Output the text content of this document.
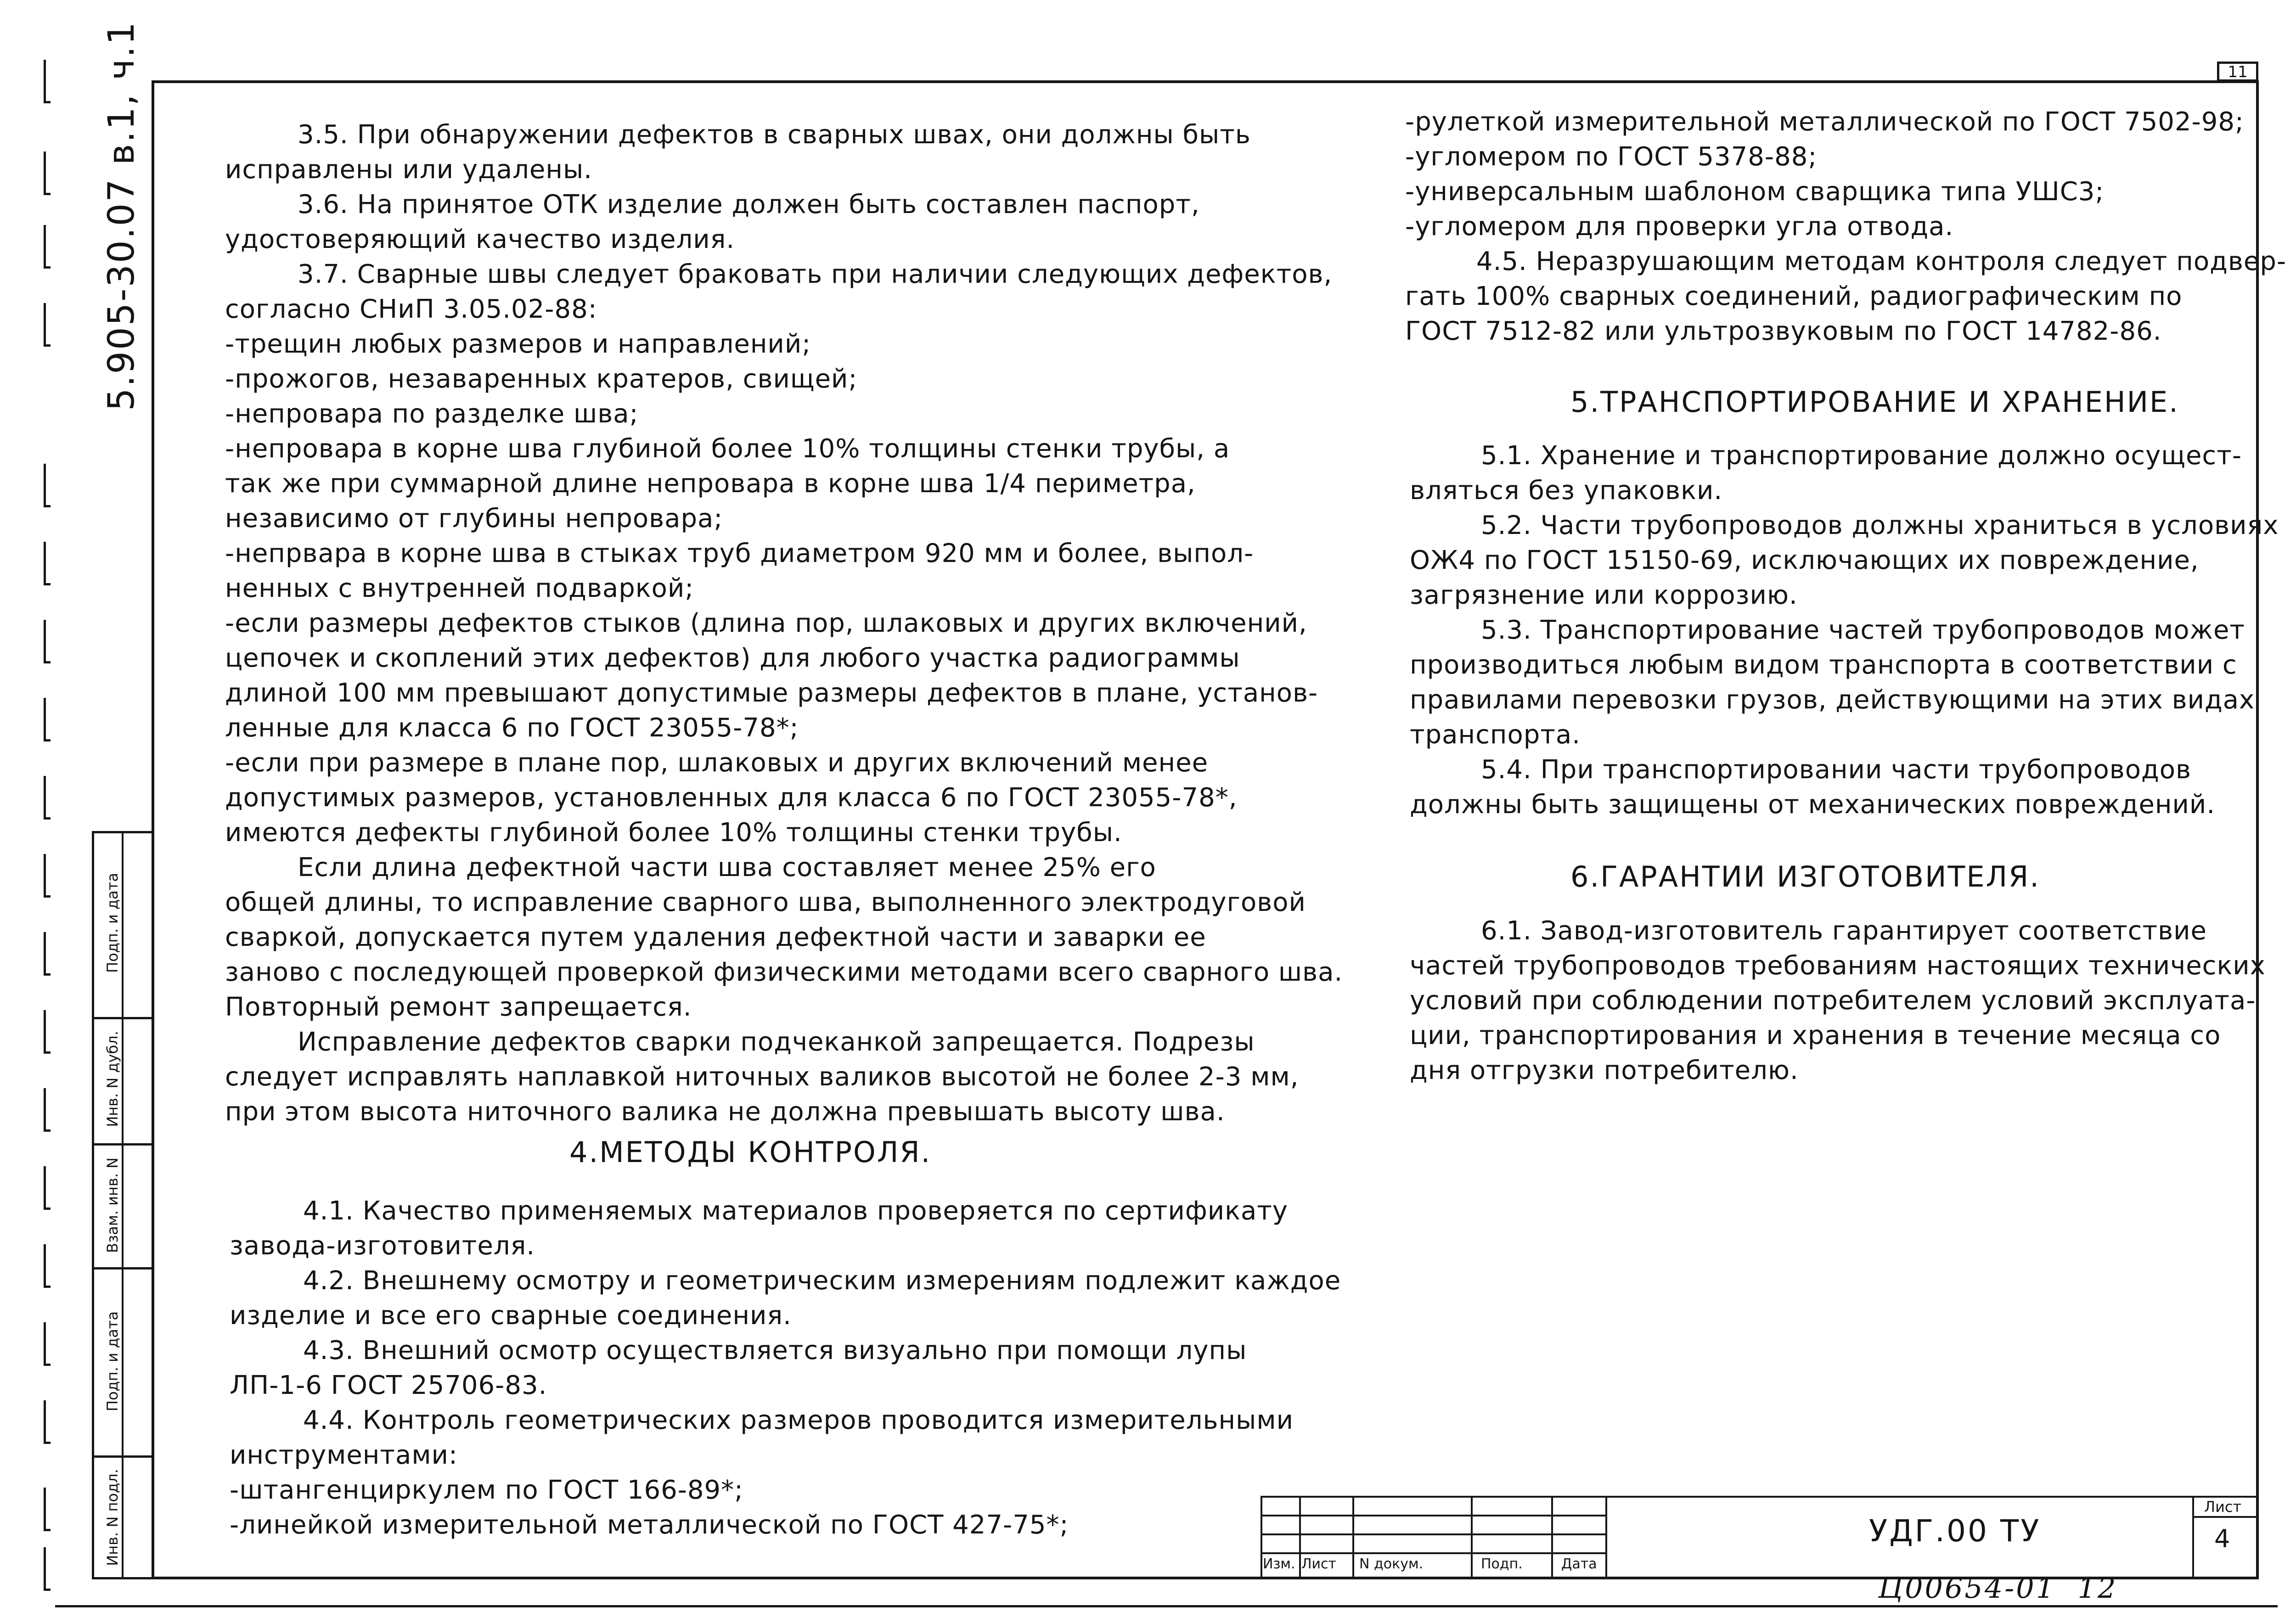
11
5.905-30.07 в.1, ч.1
Подп. и дата
Инв. N дубл.
Взам. инв. N
Подп. и дата
Инв. N подл.
3.5. При обнаружении дефектов в сварных швах, они должны быть
исправлены или удалены.
3.6. На принятое ОТК изделие должен быть составлен паспорт,
удостоверяющий качество изделия.
3.7. Сварные швы следует браковать при наличии следующих дефектов,
согласно СНиП 3.05.02-88:
-трещин любых размеров и направлений;
-прожогов, незаваренных кратеров, свищей;
-непровара по разделке шва;
-непровара в корне шва глубиной более 10% толщины стенки трубы, а
так же при суммарной длине непровара в корне шва 1/4 периметра,
независимо от глубины непровара;
-непрвара в корне шва в стыках труб диаметром 920 мм и более, выпол-
ненных с внутренней подваркой;
-если размеры дефектов стыков (длина пор, шлаковых и других включений,
цепочек и скоплений этих дефектов) для любого участка радиограммы
длиной 100 мм превышают допустимые размеры дефектов в плане, установ-
ленные для класса 6 по ГОСТ 23055-78*;
-если при размере в плане пор, шлаковых и других включений менее
допустимых размеров, установленных для класса 6 по ГОСТ 23055-78*,
имеются дефекты глубиной более 10% толщины стенки трубы.
Если длина дефектной части шва составляет менее 25% его
общей длины, то исправление сварного шва, выполненного электродуговой
сваркой, допускается путем удаления дефектной части и заварки ее
заново с последующей проверкой физическими методами всего сварного шва.
Повторный ремонт запрещается.
Исправление дефектов сварки подчеканкой запрещается. Подрезы
следует исправлять наплавкой ниточных валиков высотой не более 2-3 мм,
при этом высота ниточного валика не должна превышать высоту шва.
4.МЕТОДЫ КОНТРОЛЯ.
4.1. Качество применяемых материалов проверяется по сертификату
завода-изготовителя.
4.2. Внешнему осмотру и геометрическим измерениям подлежит каждое
изделие и все его сварные соединения.
4.3. Внешний осмотр осуществляется визуально при помощи лупы
ЛП-1-6 ГОСТ 25706-83.
4.4. Контроль геометрических размеров проводится измерительными
инструментами:
-штангенциркулем по ГОСТ 166-89*;
-линейкой измерительной металлической по ГОСТ 427-75*;
-рулеткой измерительной металлической по ГОСТ 7502-98;
-угломером по ГОСТ 5378-88;
-универсальным шаблоном сварщика типа УШС3;
-угломером для проверки угла отвода.
4.5. Неразрушающим методам контроля следует подвер-
гать 100% сварных соединений, радиографическим по
ГОСТ 7512-82 или ультрозвуковым по ГОСТ 14782-86.
5.ТРАНСПОРТИРОВАНИЕ И ХРАНЕНИЕ.
5.1. Хранение и транспортирование должно осущест-
вляться без упаковки.
5.2. Части трубопроводов должны храниться в условиях
ОЖ4 по ГОСТ 15150-69, исключающих их повреждение,
загрязнение или коррозию.
5.3. Транспортирование частей трубопроводов может
производиться любым видом транспорта в соответствии с
правилами перевозки грузов, действующими на этих видах
транспорта.
5.4. При транспортировании части трубопроводов
должны быть защищены от механических повреждений.
6.ГАРАНТИИ ИЗГОТОВИТЕЛЯ.
6.1. Завод-изготовитель гарантирует соответствие
частей трубопроводов требованиям настоящих технических
условий при соблюдении потребителем условий эксплуата-
ции, транспортирования и хранения в течение месяца со
дня отгрузки потребителю.
Изм. Лист N докум.	Подп.	Дата
УДГ.00 ТУ
Лист
4
Ц00654-01  12
